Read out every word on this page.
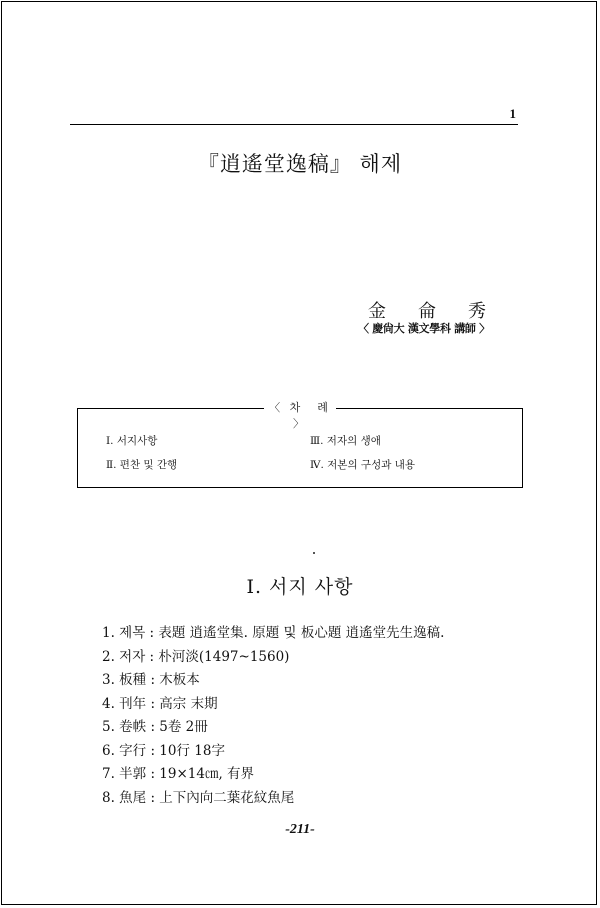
1
『逍遙堂逸稿』 해제
金 侖 秀
〈 慶尙大 漢文學科 講師 〉
〈 차　례 〉
Ⅰ. 서지사항	Ⅲ. 저자의 생애
Ⅱ. 편찬 및 간행	Ⅳ. 저본의 구성과 내용
Ⅰ. 서지 사항
1. 제목 : 表題 逍遙堂集. 原題 및 板心題 逍遙堂先生逸稿.
2. 저자 : 朴河淡(1497~1560)
3. 板種 : 木板本
4. 刊年 : 高宗 末期
5. 卷帙 : 5卷 2冊
6. 字行 : 10行 18字
7. 半郭 : 19×14㎝, 有界
8. 魚尾 : 上下內向二葉花紋魚尾
-211-
